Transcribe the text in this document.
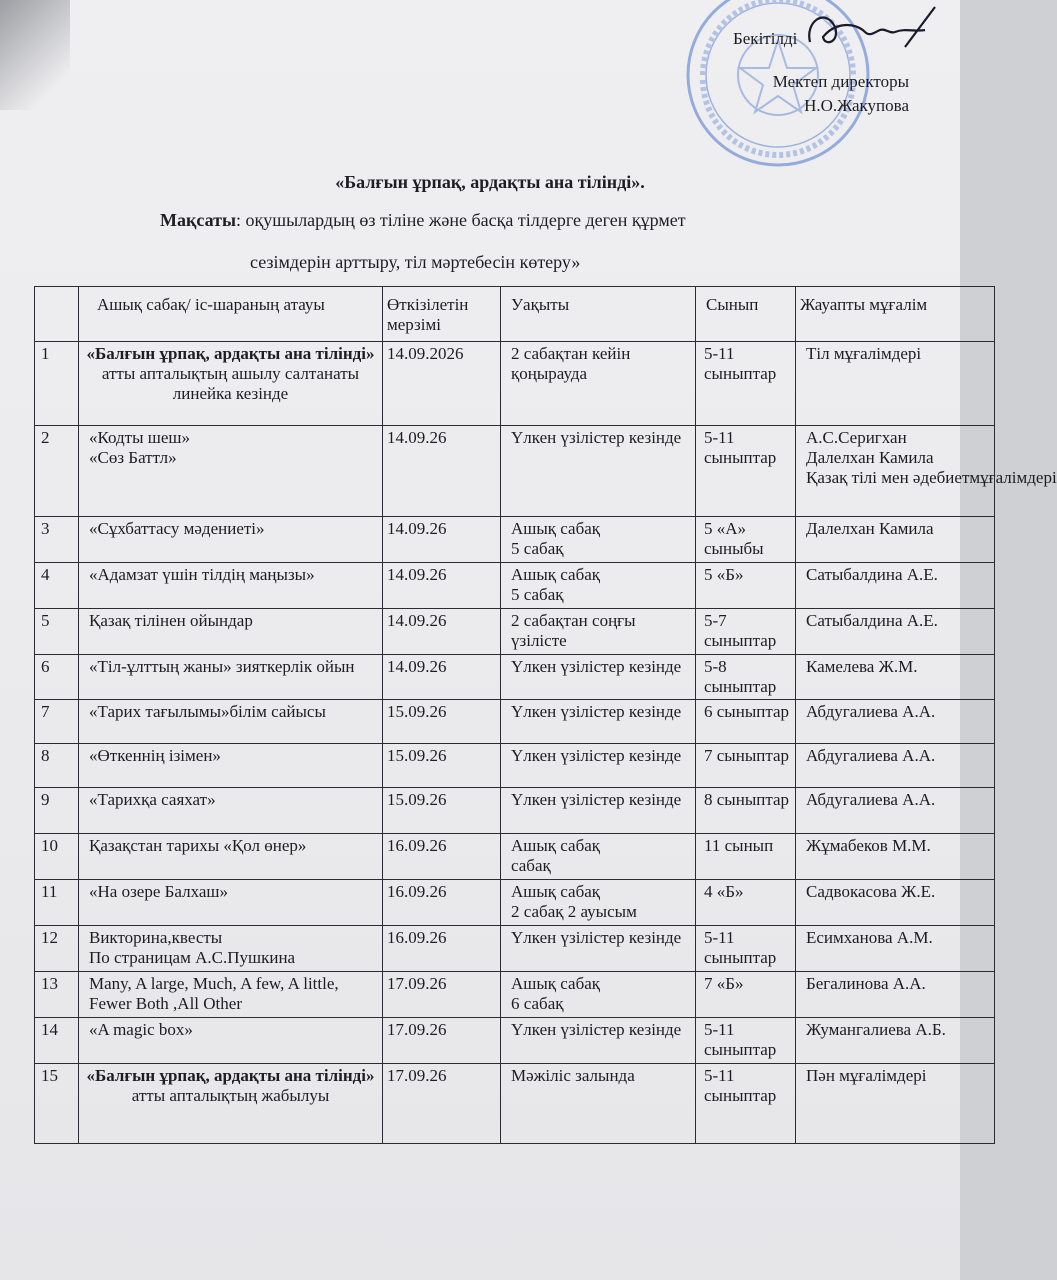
Бекітілді
Мектеп директоры
Н.О.Жакупова
«Балғын ұрпақ, ардақты ана тілінді».
Мақсаты: оқушылардың өз тіліне және басқа тілдерге деген құрмет
сезімдерін арттыру, тіл мәртебесін көтеру»
	Ашық сабақ/ іс-шараның атауы	Өткізілетін мерзімі	Уақыты	Сынып	Жауапты мұғалім
1	«Балғын ұрпақ, ардақты ана тілінді» атты апталықтың ашылу салтанаты линейка кезінде	14.09.2026	2 сабақтан кейін қоңырауда	5-11 сыныптар	Тіл мұғалімдері
2	«Кодты шеш»
«Сөз Баттл»	14.09.26	Үлкен үзілістер кезінде	5-11 сыныптар	А.С.Серигхан
Далелхан Камила
Қазақ тілі мен әдебиетмұғалімдері
3	«Сұхбаттасу мәдениеті»	14.09.26	Ашық сабақ
5 сабақ	5 «А» сыныбы	Далелхан Камила
4	«Адамзат үшін тілдің маңызы»	14.09.26	Ашық сабақ
5 сабақ	5 «Б»	Сатыбалдина А.Е.
5	Қазақ тілінен ойындар	14.09.26	2 сабақтан соңғы үзілісте	5-7 сыныптар	Сатыбалдина А.Е.
6	«Тіл-ұлттың жаны» зияткерлік ойын	14.09.26	Үлкен үзілістер кезінде	5-8 сыныптар	Камелева Ж.М.
7	«Тарих тағылымы»білім сайысы	15.09.26	Үлкен үзілістер кезінде	6 сыныптар	Абдугалиева А.А.
8	«Өткеннің ізімен»	15.09.26	Үлкен үзілістер кезінде	7 сыныптар	Абдугалиева А.А.
9	«Тарихқа саяхат»	15.09.26	Үлкен үзілістер кезінде	8 сыныптар	Абдугалиева А.А.
10	Қазақстан тарихы «Қол өнер»	16.09.26	Ашық сабақ
сабақ	11 сынып	Жұмабеков М.М.
11	«На озере Балхаш»	16.09.26	Ашық сабақ
2 сабақ 2 ауысым	4 «Б»	Садвокасова Ж.Е.
12	Викторина,квесты
По страницам А.С.Пушкина	16.09.26	Үлкен үзілістер кезінде	5-11 сыныптар	Есимханова А.М.
13	Many, A large, Much, A few, A little, Fewer Both ,All Other	17.09.26	Ашық сабақ
6 сабақ	7 «Б»	Бегалинова А.А.
14	«A magic box»	17.09.26	Үлкен үзілістер кезінде	5-11 сыныптар	Жумангалиева А.Б.
15	«Балғын ұрпақ, ардақты ана тілінді» атты апталықтың жабылуы	17.09.26	Мәжіліс залында	5-11 сыныптар	Пән мұғалімдері
